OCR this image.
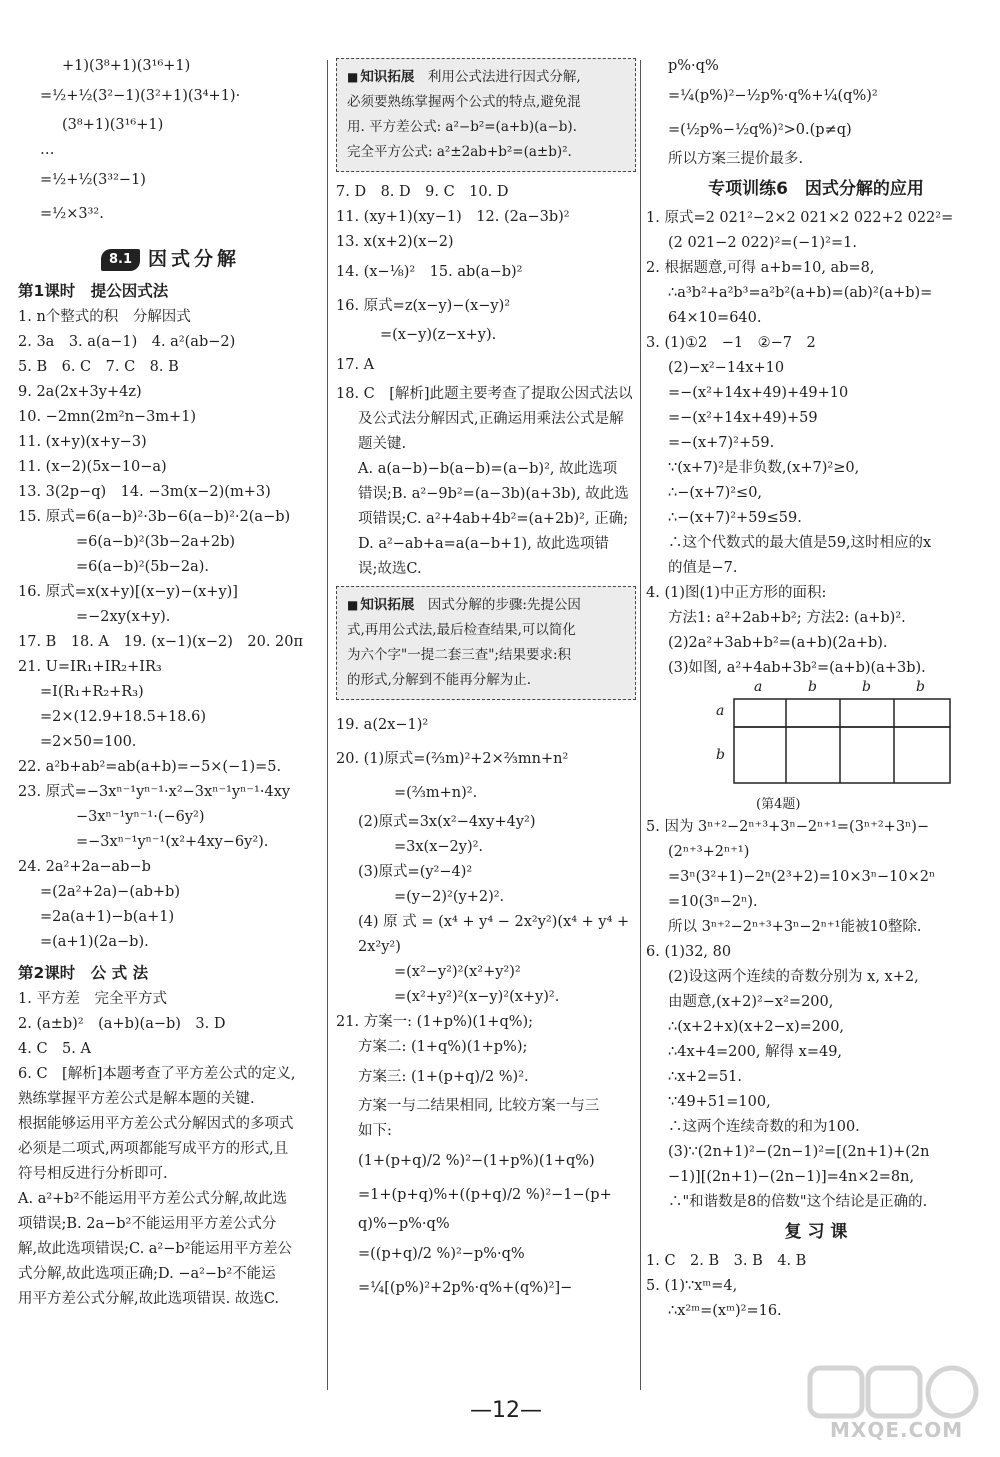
+1)(3⁸+1)(3¹⁶+1)
=½+½(3²−1)(3²+1)(3⁴+1)·
(3⁸+1)(3¹⁶+1)
…
=½+½(3³²−1)
=½×3³².
8.1 因式分解
第1课时　提公因式法
1. n个整式的积　分解因式
2. 3a　3. a(a−1)　4. a²(ab−2)
5. B　6. C　7. C　8. B
9. 2a(2x+3y+4z)
10. −2mn(2m²n−3m+1)
11. (x+y)(x+y−3)
11. (x−2)(5x−10−a)
13. 3(2p−q)　14. −3m(x−2)(m+3)
15. 原式=6(a−b)²·3b−6(a−b)²·2(a−b)
=6(a−b)²(3b−2a+2b)
=6(a−b)²(5b−2a).
16. 原式=x(x+y)[(x−y)−(x+y)]
=−2xy(x+y).
17. B　18. A　19. (x−1)(x−2)　20. 20π
21. U=IR₁+IR₂+IR₃
=I(R₁+R₂+R₃)
=2×(12.9+18.5+18.6)
=2×50=100.
22. a²b+ab²=ab(a+b)=−5×(−1)=5.
23. 原式=−3xⁿ⁻¹yⁿ⁻¹·x²−3xⁿ⁻¹yⁿ⁻¹·4xy
−3xⁿ⁻¹yⁿ⁻¹·(−6y²)
=−3xⁿ⁻¹yⁿ⁻¹(x²+4xy−6y²).
24. 2a²+2a−ab−b
=(2a²+2a)−(ab+b)
=2a(a+1)−b(a+1)
=(a+1)(2a−b).
第2课时　公 式 法
1. 平方差　完全平方式
2. (a±b)²　(a+b)(a−b)　3. D
4. C　5. A
6. C　[解析]本题考查了平方差公式的定义,
熟练掌握平方差公式是解本题的关键.
根据能够运用平方差公式分解因式的多项式
必须是二项式,两项都能写成平方的形式,且
符号相反进行分析即可.
A. a²+b²不能运用平方差公式分解,故此选
项错误;B. 2a−b²不能运用平方差公式分
解,故此选项错误;C. a²−b²能运用平方差公
式分解,故此选项正确;D. −a²−b²不能运
用平方差公式分解,故此选项错误. 故选C.
■ 知识拓展　 利用公式法进行因式分解,
必须要熟练掌握两个公式的特点,避免混
用. 平方差公式: a²−b²=(a+b)(a−b).
完全平方公式: a²±2ab+b²=(a±b)².
7. D　8. D　9. C　10. D
11. (xy+1)(xy−1)　12. (2a−3b)²
13. x(x+2)(x−2)
14. (x−⅛)²　15. ab(a−b)²
16. 原式=z(x−y)−(x−y)²
=(x−y)(z−x+y).
17. A
18. C　[解析]此题主要考查了提取公因式法以
及公式法分解因式,正确运用乘法公式是解
题关键.
A. a(a−b)−b(a−b)=(a−b)², 故此选项
错误;B. a²−9b²=(a−3b)(a+3b), 故此选
项错误;C. a²+4ab+4b²=(a+2b)², 正确;
D. a²−ab+a=a(a−b+1), 故此选项错
误;故选C.
■ 知识拓展　 因式分解的步骤:先提公因
式,再用公式法,最后检查结果,可以简化
为六个字"一提二套三查";结果要求:积
的形式,分解到不能再分解为止.
19. a(2x−1)²
20. (1)原式=(⅔m)²+2×⅔mn+n²
=(⅔m+n)².
(2)原式=3x(x²−4xy+4y²)
=3x(x−2y)².
(3)原式=(y²−4)²
=(y−2)²(y+2)².
(4) 原 式 = (x⁴ + y⁴ − 2x²y²)(x⁴ + y⁴ +
2x²y²)
=(x²−y²)²(x²+y²)²
=(x²+y²)²(x−y)²(x+y)².
21. 方案一: (1+p%)(1+q%);
方案二: (1+q%)(1+p%);
方案三: (1+(p+q)/2 %)².
方案一与二结果相同, 比较方案一与三
如下:
(1+(p+q)/2 %)²−(1+p%)(1+q%)
=1+(p+q)%+((p+q)/2 %)²−1−(p+
q)%−p%·q%
=((p+q)/2 %)²−p%·q%
=¼[(p%)²+2p%·q%+(q%)²]−
p%·q%
=¼(p%)²−½p%·q%+¼(q%)²
=(½p%−½q%)²>0.(p≠q)
所以方案三提价最多.
专项训练6　因式分解的应用
1. 原式=2 021²−2×2 021×2 022+2 022²=
(2 021−2 022)²=(−1)²=1.
2. 根据题意,可得 a+b=10, ab=8,
∴a³b²+a²b³=a²b²(a+b)=(ab)²(a+b)=
64×10=640.
3. (1)①2　−1　②−7　2
(2)−x²−14x+10
=−(x²+14x+49)+49+10
=−(x²+14x+49)+59
=−(x+7)²+59.
∵(x+7)²是非负数,(x+7)²≥0,
∴−(x+7)²≤0,
∴−(x+7)²+59≤59.
∴这个代数式的最大值是59,这时相应的x
的值是−7.
4. (1)图(1)中正方形的面积:
方法1: a²+2ab+b²; 方法2: (a+b)².
(2)2a²+3ab+b²=(a+b)(2a+b).
(3)如图, a²+4ab+3b²=(a+b)(a+3b).
a	b	b	b
a
b
(第4题)
5. 因为 3ⁿ⁺²−2ⁿ⁺³+3ⁿ−2ⁿ⁺¹=(3ⁿ⁺²+3ⁿ)−
(2ⁿ⁺³+2ⁿ⁺¹)
=3ⁿ(3²+1)−2ⁿ(2³+2)=10×3ⁿ−10×2ⁿ
=10(3ⁿ−2ⁿ).
所以 3ⁿ⁺²−2ⁿ⁺³+3ⁿ−2ⁿ⁺¹能被10整除.
6. (1)32, 80
(2)设这两个连续的奇数分别为 x, x+2,
由题意,(x+2)²−x²=200,
∴(x+2+x)(x+2−x)=200,
∴4x+4=200, 解得 x=49,
∴x+2=51.
∵49+51=100,
∴这两个连续奇数的和为100.
(3)∵(2n+1)²−(2n−1)²=[(2n+1)+(2n
−1)][(2n+1)−(2n−1)]=4n×2=8n,
∴"和谐数是8的倍数"这个结论是正确的.
复 习 课
1. C　2. B　3. B　4. B
5. (1)∵xᵐ=4,
∴x²ᵐ=(xᵐ)²=16.
—12—
MXQE.COM
